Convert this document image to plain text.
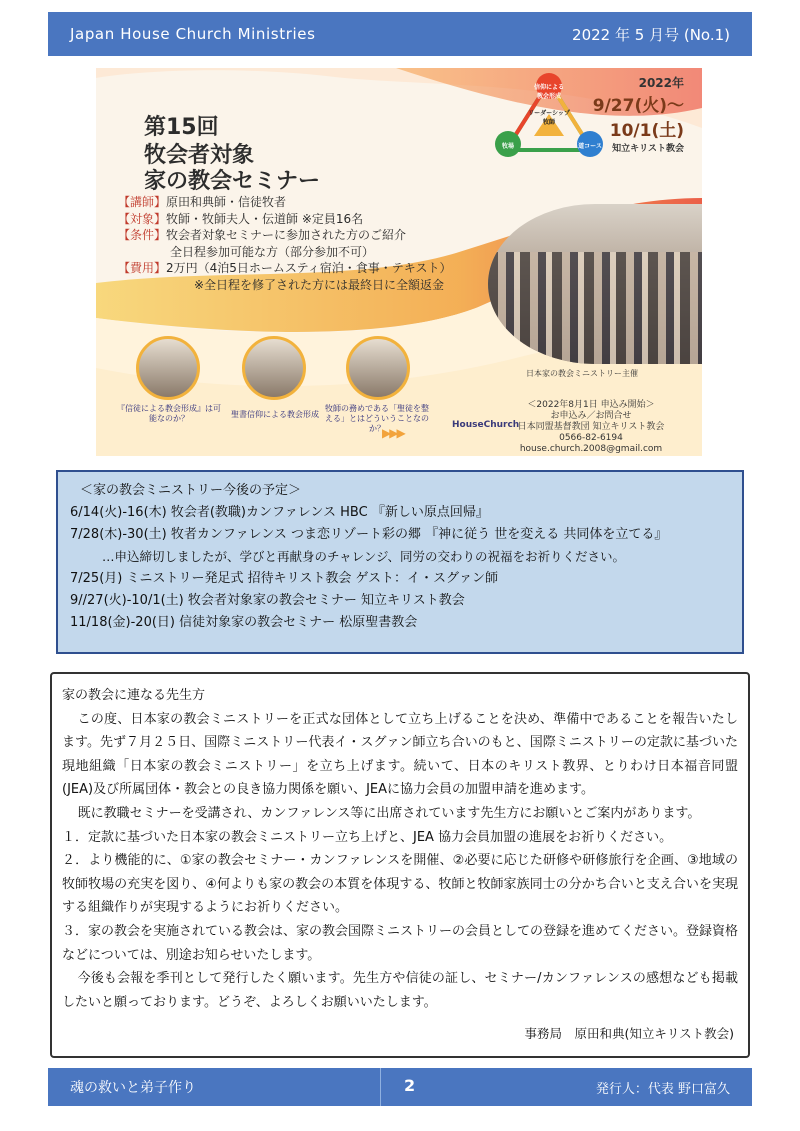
Japan House Church Ministries	2022 年 5 月号 (No.1)
信仰による教会形成
リーダーシップ 牧師
牧場	道コース
2022年
9/27(火)～
10/1(土)
知立キリスト教会
第15回
牧会者対象
家の教会セミナー
【講師】原田和典師・信徒牧者
【対象】牧師・牧師夫人・伝道師 ※定員16名
【条件】牧会者対象セミナーに参加された方のご紹介
全日程参加可能な方（部分参加不可）
【費用】2万円（4泊5日ホームスティ宿泊・食事・テキスト）
※全日程を修了された方には最終日に全額返金
『信徒による教会形成』は可能なのか？	聖書信仰による教会形成
牧師の務めである「聖徒を整える」とはどういうことなのか？
▶▶▶
HouseChurch
日本家の教会ミニストリー主催
＜2022年8月1日 申込み開始＞
お申込み／お問合せ
日本同盟基督教団 知立キリスト教会
0566-82-6194
house.church.2008@gmail.com
＜家の教会ミニストリー今後の予定＞
6/14(火)-16(木) 牧会者(教職)カンファレンス HBC 『新しい原点回帰』
7/28(木)-30(土) 牧者カンファレンス つま恋リゾート彩の郷 『神に従う 世を変える 共同体を立てる』
…申込締切しましたが、学びと再献身のチャレンジ、同労の交わりの祝福をお祈りください。
7/25(月) ミニストリー発足式 招待キリスト教会 ゲスト：イ・スグァン師
9//27(火)-10/1(土) 牧会者対象家の教会セミナー 知立キリスト教会
11/18(金)-20(日) 信徒対象家の教会セミナー 松原聖書教会

家の教会に連なる先生方

この度、日本家の教会ミニストリーを正式な団体として立ち上げることを決め、準備中であることを報告いたします。先ず７月２５日、国際ミニストリー代表イ・スグァン師立ち合いのもと、国際ミニストリーの定款に基づいた現地組織「日本家の教会ミニストリー」を立ち上げます。続いて、日本のキリスト教界、とりわけ日本福音同盟(JEA)及び所属団体・教会との良き協力関係を願い、JEAに協力会員の加盟申請を進めます。

既に教職セミナーを受講され、カンファレンス等に出席されています先生方にお願いとご案内があります。

１．定款に基づいた日本家の教会ミニストリー立ち上げと、JEA 協力会員加盟の進展をお祈りください。

２．より機能的に、①家の教会セミナー・カンファレンスを開催、②必要に応じた研修や研修旅行を企画、③地域の牧師牧場の充実を図り、④何よりも家の教会の本質を体現する、牧師と牧師家族同士の分かち合いと支え合いを実現する組織作りが実現するようにお祈りください。

３．家の教会を実施されている教会は、家の教会国際ミニストリーの会員としての登録を進めてください。登録資格などについては、別途お知らせいたします。

今後も会報を季刊として発行したく願います。先生方や信徒の証し、セミナー/カンファレンスの感想なども掲載したいと願っております。どうぞ、よろしくお願いいたします。

事務局　原田和典(知立キリスト教会)
魂の救いと弟子作り	2	発行人：代表 野口富久
